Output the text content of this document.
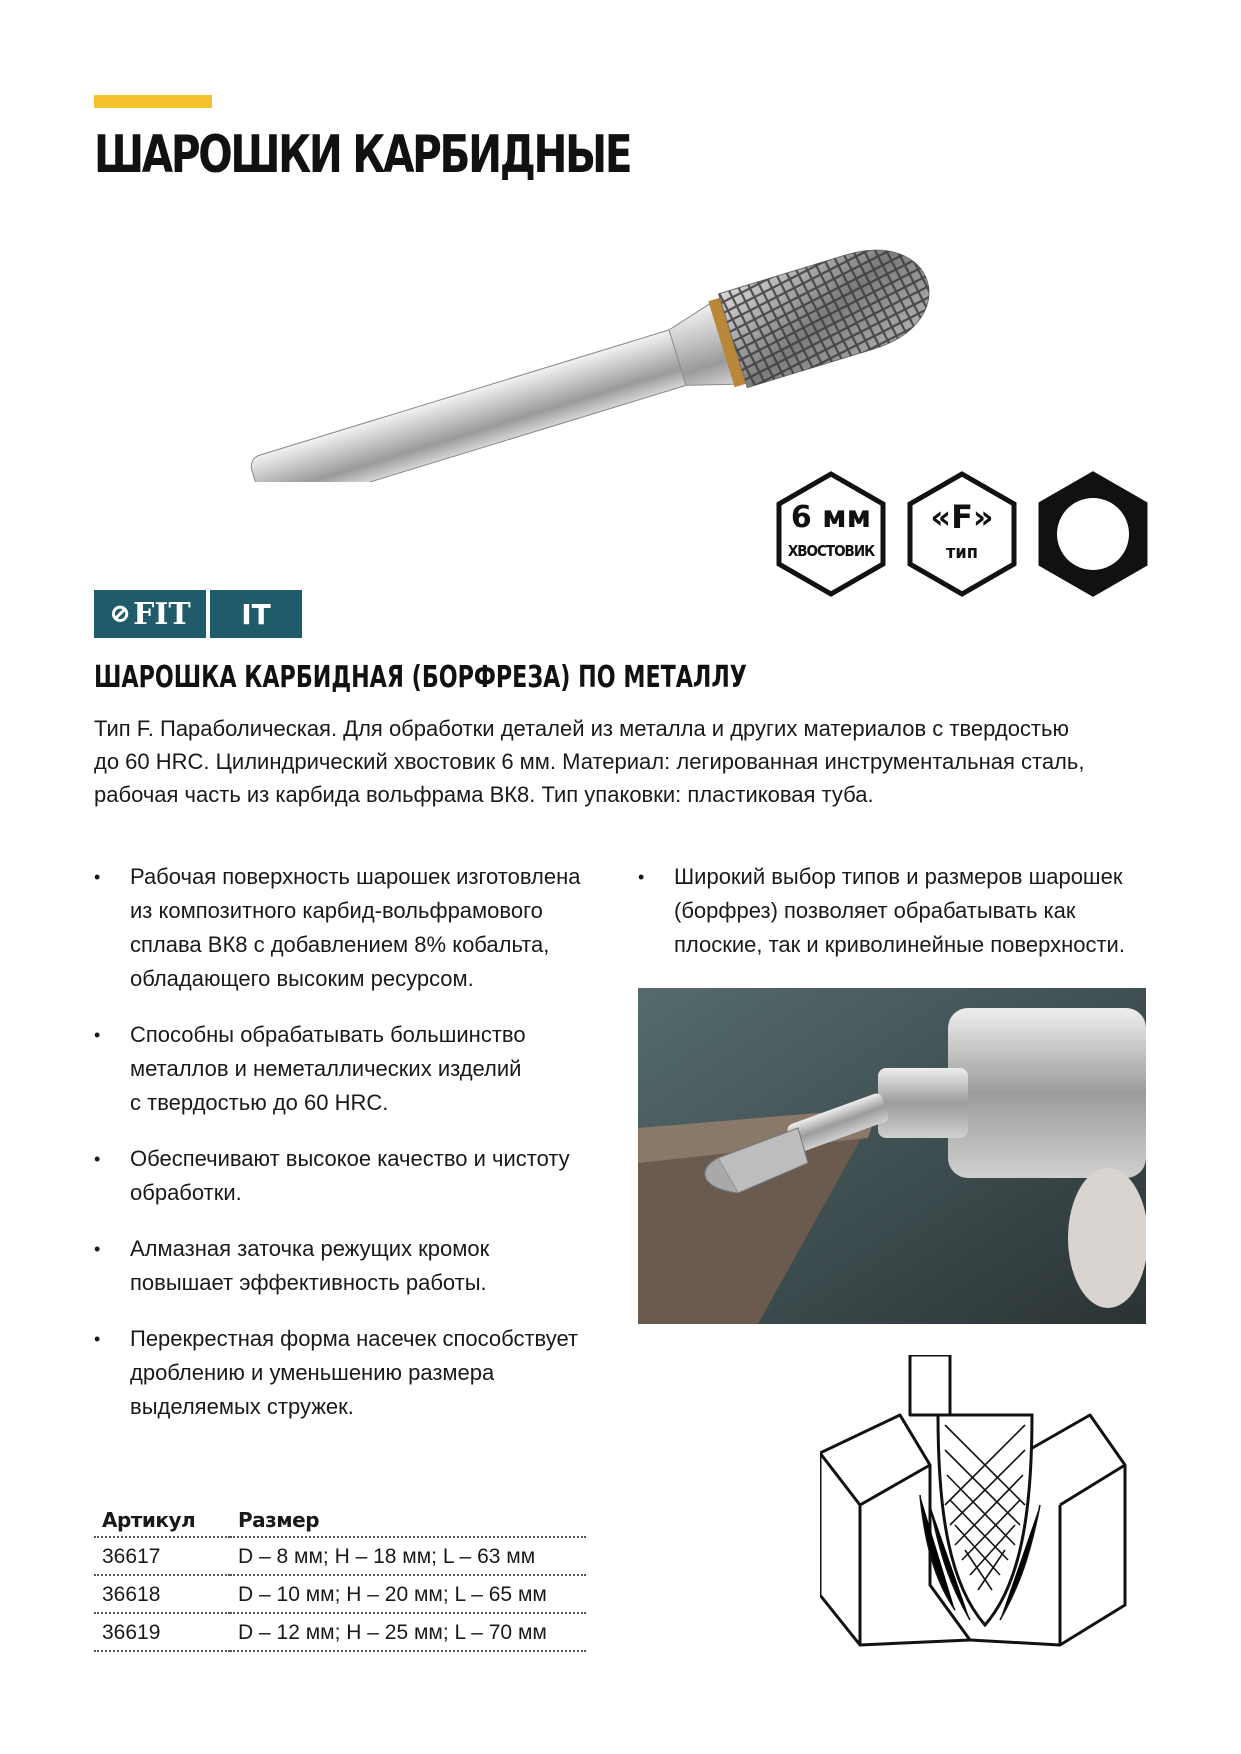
ШАРОШКИ КАРБИДНЫЕ
6 мм
ХВОСТОВИК
«F»
тип
⊘ FIT	IT
ШАРОШКА КАРБИДНАЯ (БОРФРЕЗА) ПО МЕТАЛЛУ

Тип F. Параболическая. Для обработки деталей из металла и других материалов с твердостью
до 60 HRC. Цилиндрический хвостовик 6 мм. Материал: легированная инструментальная сталь,
рабочая часть из карбида вольфрама ВК8. Тип упаковки: пластиковая туба.

• Рабочая поверхность шарошек изготовлена
из композитного карбид-вольфрамового
сплава ВК8 с добавлением 8% кобальта,
обладающего высоким ресурсом.
• Способны обрабатывать большинство
металлов и неметаллических изделий
с твердостью до 60 HRC.
• Обеспечивают высокое качество и чистоту
обработки.
• Алмазная заточка режущих кромок
повышает эффективность работы.
• Перекрестная форма насечек способствует
дроблению и уменьшению размера
выделяемых стружек.
• Широкий выбор типов и размеров шарошек
(борфрез) позволяет обрабатывать как
плоские, так и криволинейные поверхности.
Артикул	Размер
36617	D – 8 мм; H – 18 мм; L – 63 мм
36618	D – 10 мм; H – 20 мм; L – 65 мм
36619	D – 12 мм; H – 25 мм; L – 70 мм
